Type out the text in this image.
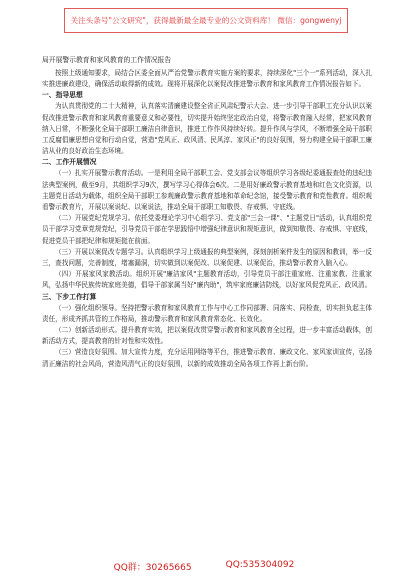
关注头条号"公文研究"，获得最新最全最专业的公文资料库！ 微信：gongwenyj

局开展警示教育和家风教育的工作情况报告

按照上级通知要求，局结合区委全面从严治党警示教育实施方案的要求，持续深化"三个一"系列活动，深入扎实推进廉政建设，确保活动取得新的成效。现将开展深化以案促改推进警示教育和家风教育工作情况报告如下。

一、指导思想

为认真贯彻党的二十大精神，认真落实清廉建设整全省正风肃纪警示大会、进一步引导干部职工充分认识以案促改推进警示教育和家风教育重要意义和必要性，切实提升始终坚定政治自觉，将警示教育融入经常，把家风教育纳入日常，不断强化全局干部职工廉洁自律意识，推进工作作风持续好转。提升作风与学风，不断增强全局干部职工反腐倡廉思想自觉和行动自觉，营造"党风正、政风清、民风淳、家风正"的良好氛围，努力构建全局干部职工廉洁从业的良好政治生态环境。

二、工作开展情况

（一）扎实开展警示教育活动。一是利用全局干部职工会、党支部会议等组织学习各级纪委通报查处的违纪违法典型案例，截至9月，共组织学习9次，撰写学习心得体会6次。二是用好廉政警示教育基地和红色文化资源，以主题党日活动为载体，组织全局干部职工参观廉政警示教育基地和革命纪念馆，接受警示教育和党性教育。组织观看警示教育片，开展以案说纪、以案说法，推动全局干部职工知敬畏、存戒惧、守底线。

（二）开展党纪党规学习。依托党委理论学习中心组学习、党支部"三会一课"、"主题党日"活动，认真组织党员干部学习党章党规党纪，引导党员干部在学思践悟中增强纪律意识和规矩意识，做到知敬畏、存戒惧、守底线，促进党员干部把纪律和规矩挺在前面。

（三）开展以案促改专题学习。认真组织学习上级通报的典型案例，深刻剖析案件发生的原因和教训，举一反三，查找问题，完善制度，堵塞漏洞，切实做到以案促改、以案促建、以案促治，推动警示教育入脑入心。

（四）开展家风家教活动。组织开展"廉洁家风"主题教育活动，引导党员干部注重家庭、注重家教、注重家风，弘扬中华民族传统家庭美德，倡导干部家属当好"廉内助"，筑牢家庭廉洁防线，以好家风促党风正、政风清。

三、下步工作打算

（一）强化组织领导。坚持把警示教育和家风教育工作与中心工作同部署、同落实、同检查，切实担负起主体责任，形成齐抓共管的工作格局，推动警示教育和家风教育常态化、长效化。

（二）创新活动形式。提升教育实效，把以案促改贯穿警示教育和家风教育全过程，进一步丰富活动载体，创新活动方式，提高教育的针对性和实效性。

（三）营造良好氛围。加大宣传力度，充分运用网络等平台，推进警示教育、廉政文化、家风家训宣传，弘扬清正廉洁的社会风尚，营造风清气正的良好氛围，以新的成效推动全局各项工作再上新台阶。

QQ群：30265665	QQ:535304092
